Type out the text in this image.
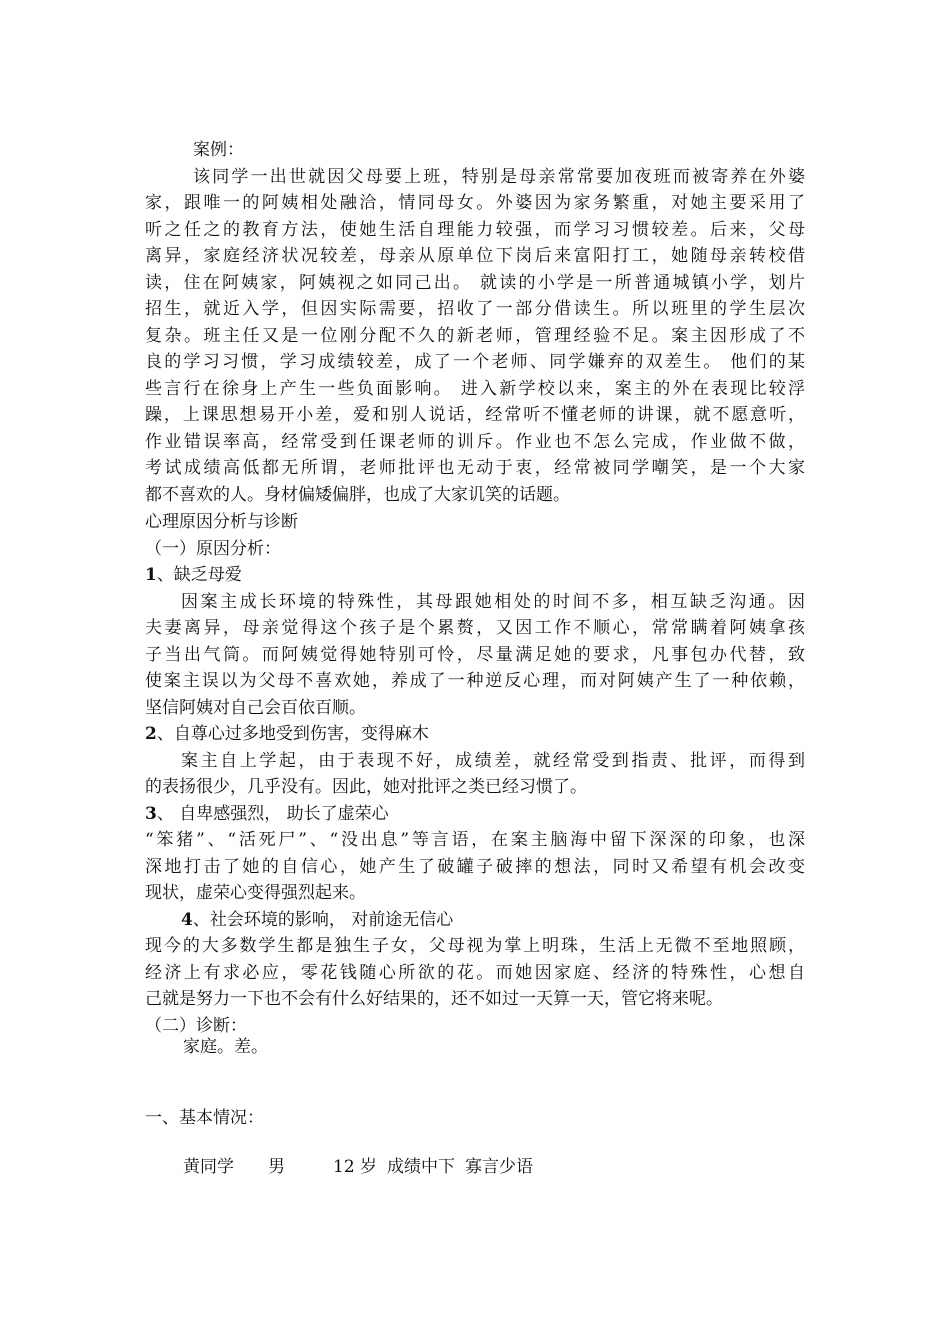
案例：
该同学一出世就因父母要上班，特别是母亲常常要加夜班而被寄养在外婆
家，跟唯一的阿姨相处融洽，情同母女。外婆因为家务繁重，对她主要采用了
听之任之的教育方法，使她生活自理能力较强，而学习习惯较差。后来，父母
离异，家庭经济状况较差，母亲从原单位下岗后来富阳打工，她随母亲转校借
读，住在阿姨家，阿姨视之如同己出。 就读的小学是一所普通城镇小学，划片
招生，就近入学，但因实际需要，招收了一部分借读生。所以班里的学生层次
复杂。班主任又是一位刚分配不久的新老师，管理经验不足。案主因形成了不
良的学习习惯，学习成绩较差，成了一个老师、同学嫌弃的双差生。 他们的某
些言行在徐身上产生一些负面影响。 进入新学校以来，案主的外在表现比较浮
躁，上课思想易开小差，爱和别人说话，经常听不懂老师的讲课，就不愿意听，
作业错误率高，经常受到任课老师的训斥。作业也不怎么完成，作业做不做，
考试成绩高低都无所谓，老师批评也无动于衷，经常被同学嘲笑，是一个大家
都不喜欢的人。身材偏矮偏胖，也成了大家讥笑的话题。
心理原因分析与诊断
（一）原因分析：
1、缺乏母爱
因案主成长环境的特殊性，其母跟她相处的时间不多，相互缺乏沟通。因
夫妻离异，母亲觉得这个孩子是个累赘，又因工作不顺心，常常瞒着阿姨拿孩
子当出气筒。而阿姨觉得她特别可怜，尽量满足她的要求，凡事包办代替，致
使案主误以为父母不喜欢她，养成了一种逆反心理，而对阿姨产生了一种依赖，
坚信阿姨对自己会百依百顺。
2、自尊心过多地受到伤害，变得麻木
案主自上学起，由于表现不好，成绩差，就经常受到指责、批评，而得到
的表扬很少，几乎没有。因此，她对批评之类已经习惯了。
3、 自卑感强烈， 助长了虚荣心
“笨猪”、“活死尸”、“没出息”等言语，在案主脑海中留下深深的印象，也深
深地打击了她的自信心，她产生了破罐子破摔的想法，同时又希望有机会改变
现状，虚荣心变得强烈起来。
4、社会环境的影响， 对前途无信心
现今的大多数学生都是独生子女，父母视为掌上明珠，生活上无微不至地照顾，
经济上有求必应，零花钱随心所欲的花。而她因家庭、经济的特殊性，心想自
己就是努力一下也不会有什么好结果的，还不如过一天算一天，管它将来呢。
（二）诊断：
家庭。差。
一、基本情况：
黄同学 男	12 岁 成绩中下 寡言少语
